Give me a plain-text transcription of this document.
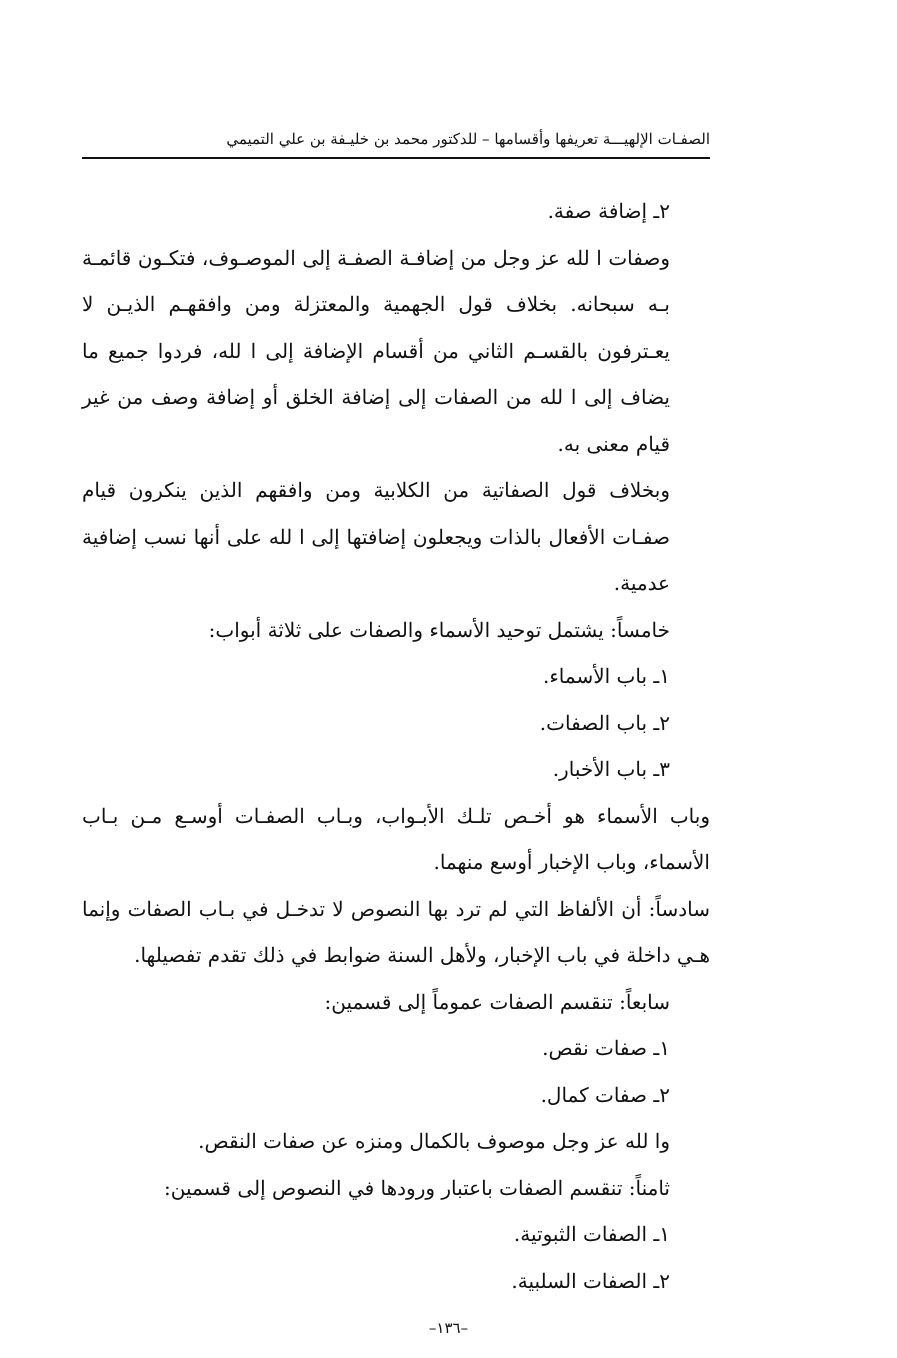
الصفـات الإلهيـــة تعريفها وأقسامها – للدكتور محمد بن خليـفة بن علي التميمي

٢ـ إضافة صفة.

وصفات ا لله عز وجل من إضافـة الصفـة إلى الموصـوف، فتكـون قائمـة بـه سبحانه. بخلاف قول الجهمية والمعتزلة ومن وافقهـم الذيـن لا يعـترفون بالقسـم الثاني من أقسام الإضافة إلى ا لله، فردوا جميع ما يضاف إلى ا لله من الصفات إلى إضافة الخلق أو إضافة وصف من غير قيام معنى به.

وبخلاف قول الصفاتية من الكلابية ومن وافقهم الذين ينكرون قيام صفـات الأفعال بالذات ويجعلون إضافتها إلى ا لله على أنها نسب إضافية عدمية.

خامساً: يشتمل توحيد الأسماء والصفات على ثلاثة أبواب:

١ـ باب الأسماء.

٢ـ باب الصفات.

٣ـ باب الأخبار.

وباب الأسماء هو أخـص تلـك الأبـواب، وبـاب الصفـات أوسـع مـن بـاب الأسماء، وباب الإخبار أوسع منهما.

سادساً: أن الألفاظ التي لم ترد بها النصوص لا تدخـل في بـاب الصفات وإنما هـي داخلة في باب الإخبار، ولأهل السنة ضوابط في ذلك تقدم تفصيلها.

سابعاً: تنقسم الصفات عموماً إلى قسمين:

١ـ صفات نقص.

٢ـ صفات كمال.

وا لله عز وجل موصوف بالكمال ومنزه عن صفات النقص.

ثامناً: تنقسم الصفات باعتبار ورودها في النصوص إلى قسمين:

١ـ الصفات الثبوتية.

٢ـ الصفات السلبية.

–١٣٦–
